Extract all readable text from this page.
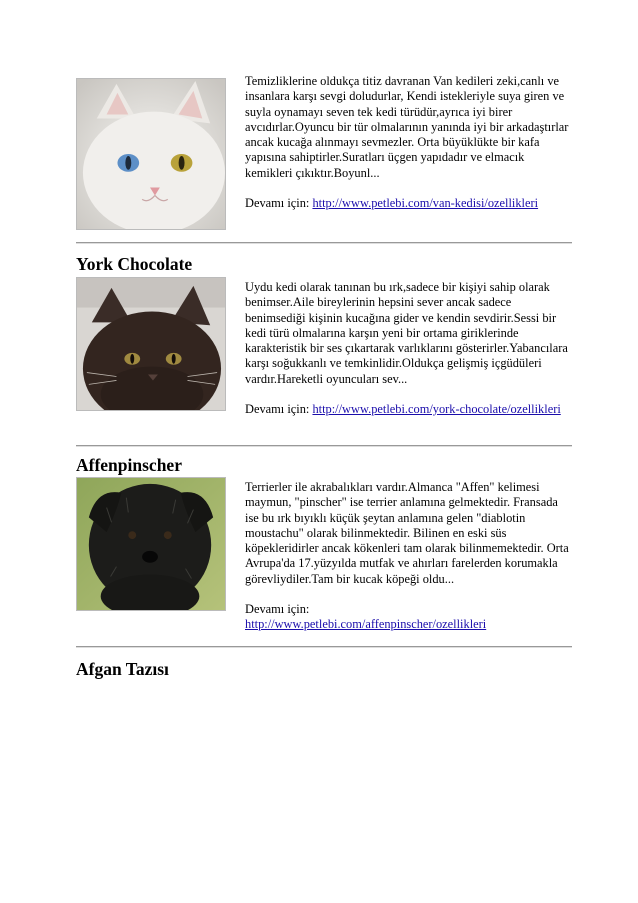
Temizliklerine oldukça titiz davranan Van kedileri zeki,canlı ve insanlara karşı sevgi doludurlar, Kendi istekleriyle suya giren ve suyla oynamayı seven tek kedi türüdür,ayrıca iyi birer avcıdırlar.Oyuncu bir tür olmalarının yanında iyi bir arkadaştırlar ancak kucağa alınmayı sevmezler. Orta büyüklükte bir kafa yapısına sahiptirler.Suratları üçgen yapıdadır ve elmacık kemikleri çıkıktır.Boyunl...

Devamı için: http://www.petlebi.com/van-kedisi/ozellikleri

York Chocolate

Uydu kedi olarak tanınan bu ırk,sadece bir kişiyi sahip olarak benimser.Aile bireylerinin hepsini sever ancak sadece benimsediği kişinin kucağına gider ve kendin sevdirir.Sessi bir kedi türü olmalarına karşın yeni bir ortama giriklerinde karakteristik bir ses çıkartarak varlıklarını gösterirler.Yabancılara karşı soğukkanlı ve temkinlidir.Oldukça gelişmiş içgüdüleri vardır.Hareketli oyuncuları sev...

Devamı için: http://www.petlebi.com/york-chocolate/ozellikleri

Affenpinscher

Terrierler ile akrabalıkları vardır.Almanca "Affen" kelimesi maymun, "pinscher" ise terrier anlamına gelmektedir. Fransada ise bu ırk bıyıklı küçük şeytan anlamına gelen "diablotin moustachu" olarak bilinmektedir. Bilinen en eski süs köpekleridirler ancak kökenleri tam olarak bilinmemektedir. Orta Avrupa'da 17.yüzyılda mutfak ve ahırları farelerden korumakla görevliydiler.Tam bir kucak köpeği oldu...

Devamı için:
http://www.petlebi.com/affenpinscher/ozellikleri

Afgan Tazısı
